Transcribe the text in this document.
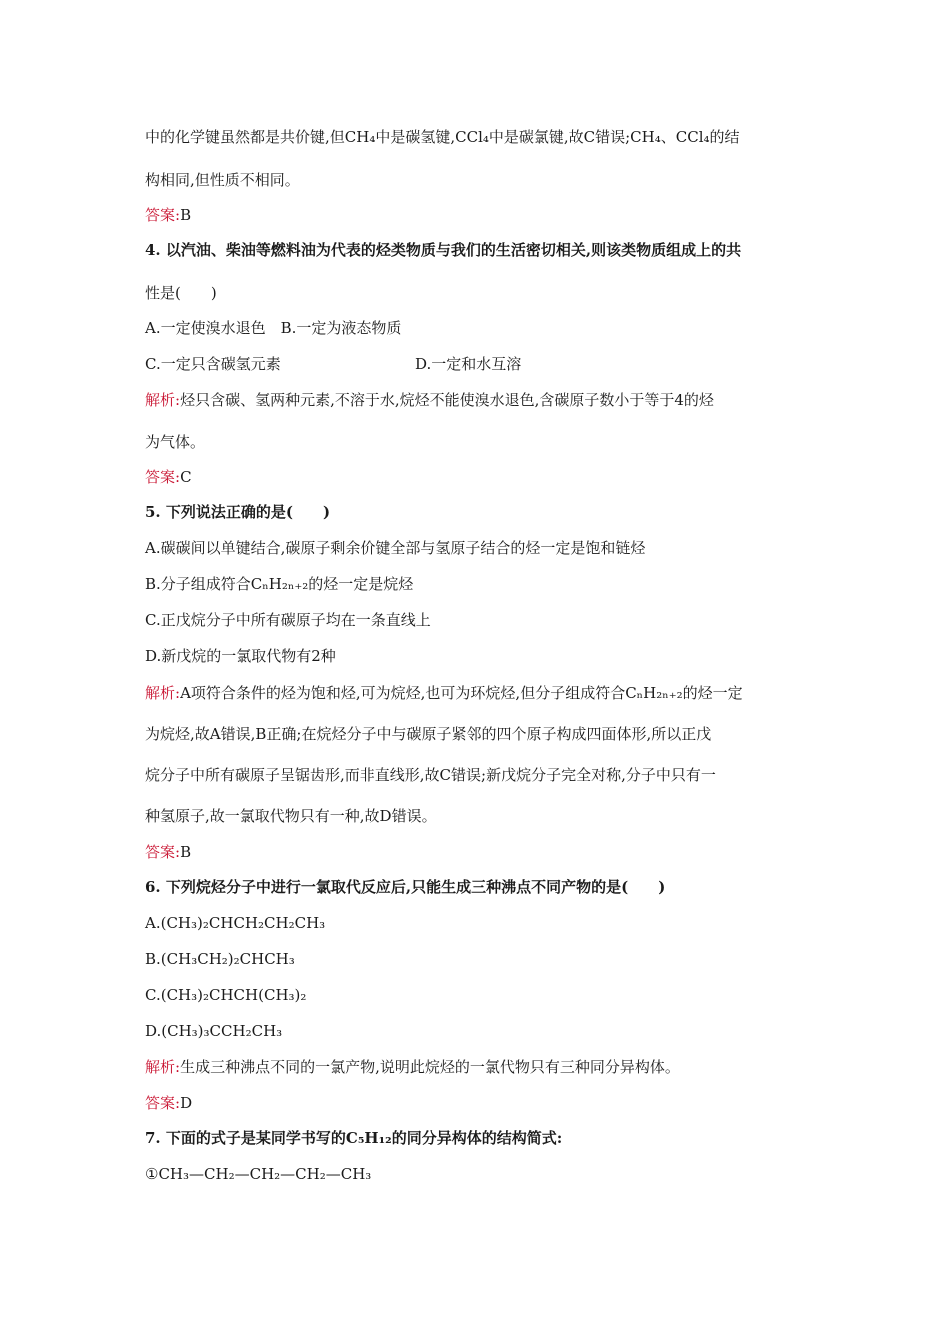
中的化学键虽然都是共价键,但CH₄中是碳氢键,CCl₄中是碳氯键,故C错误;CH₄、CCl₄的结
构相同,但性质不相同。
答案:B
4. 以汽油、柴油等燃料油为代表的烃类物质与我们的生活密切相关,则该类物质组成上的共
性是(　　)
A.一定使溴水退色　 B.一定为液态物质
C.一定只含碳氢元素	D.一定和水互溶
解析:烃只含碳、氢两种元素,不溶于水,烷烃不能使溴水退色,含碳原子数小于等于4的烃
为气体。
答案:C
5. 下列说法正确的是(　　)
A.碳碳间以单键结合,碳原子剩余价键全部与氢原子结合的烃一定是饱和链烃
B.分子组成符合CₙH₂ₙ₊₂的烃一定是烷烃
C.正戊烷分子中所有碳原子均在一条直线上
D.新戊烷的一氯取代物有2种
解析:A项符合条件的烃为饱和烃,可为烷烃,也可为环烷烃,但分子组成符合CₙH₂ₙ₊₂的烃一定
为烷烃,故A错误,B正确;在烷烃分子中与碳原子紧邻的四个原子构成四面体形,所以正戊
烷分子中所有碳原子呈锯齿形,而非直线形,故C错误;新戊烷分子完全对称,分子中只有一
种氢原子,故一氯取代物只有一种,故D错误。
答案:B
6. 下列烷烃分子中进行一氯取代反应后,只能生成三种沸点不同产物的是(　　)
A.(CH₃)₂CHCH₂CH₂CH₃
B.(CH₃CH₂)₂CHCH₃
C.(CH₃)₂CHCH(CH₃)₂
D.(CH₃)₃CCH₂CH₃
解析:生成三种沸点不同的一氯产物,说明此烷烃的一氯代物只有三种同分异构体。
答案:D
7. 下面的式子是某同学书写的C₅H₁₂的同分异构体的结构简式:
①CH₃—CH₂—CH₂—CH₂—CH₃
